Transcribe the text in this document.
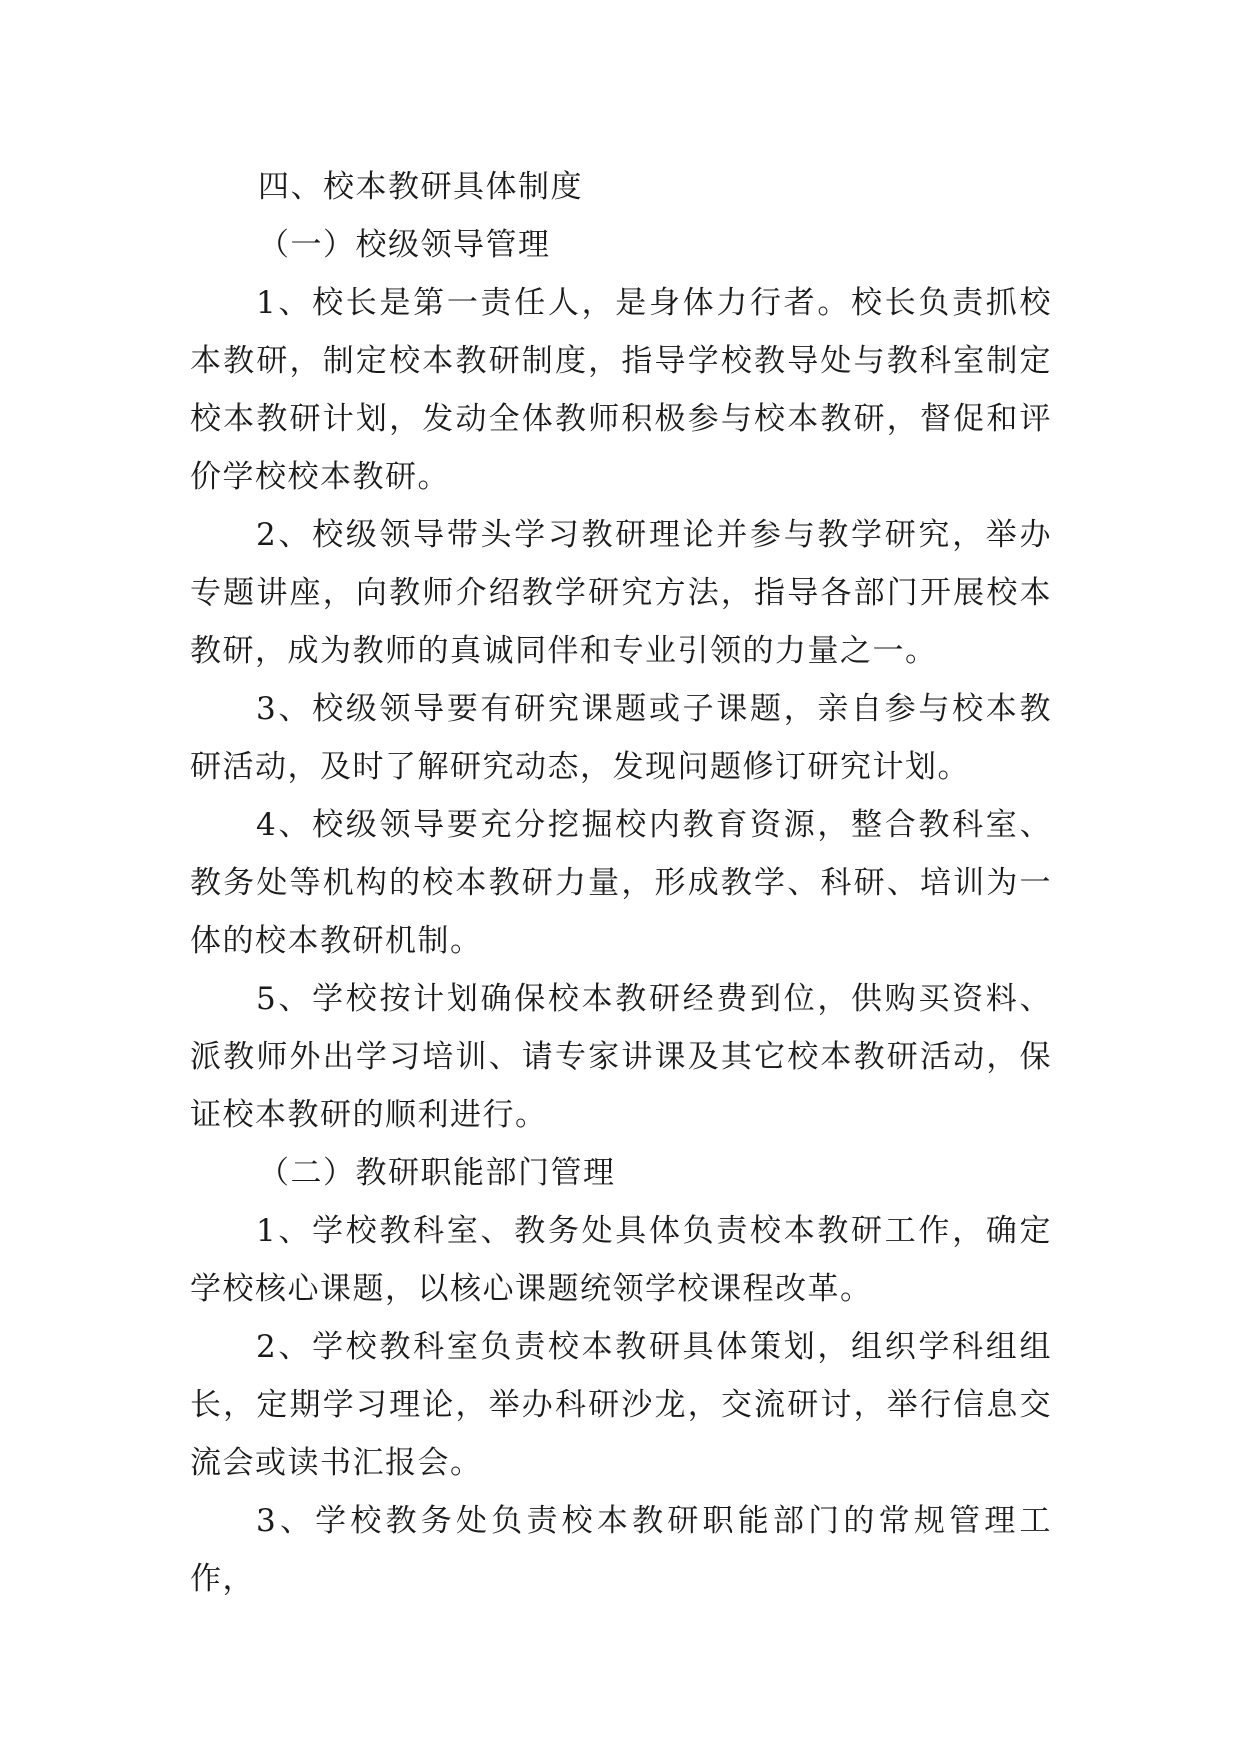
四、校本教研具体制度

（一）校级领导管理

1、校长是第一责任人，是身体力行者。校长负责抓校本教研，制定校本教研制度，指导学校教导处与教科室制定校本教研计划，发动全体教师积极参与校本教研，督促和评价学校校本教研。

2、校级领导带头学习教研理论并参与教学研究，举办专题讲座，向教师介绍教学研究方法，指导各部门开展校本教研，成为教师的真诚同伴和专业引领的力量之一。

3、校级领导要有研究课题或子课题，亲自参与校本教研活动，及时了解研究动态，发现问题修订研究计划。

4、校级领导要充分挖掘校内教育资源，整合教科室、教务处等机构的校本教研力量，形成教学、科研、培训为一体的校本教研机制。

5、学校按计划确保校本教研经费到位，供购买资料、派教师外出学习培训、请专家讲课及其它校本教研活动，保证校本教研的顺利进行。

（二）教研职能部门管理

1、学校教科室、教务处具体负责校本教研工作，确定学校核心课题，以核心课题统领学校课程改革。

2、学校教科室负责校本教研具体策划，组织学科组组长，定期学习理论，举办科研沙龙，交流研讨，举行信息交流会或读书汇报会。

3、学校教务处负责校本教研职能部门的常规管理工作，
